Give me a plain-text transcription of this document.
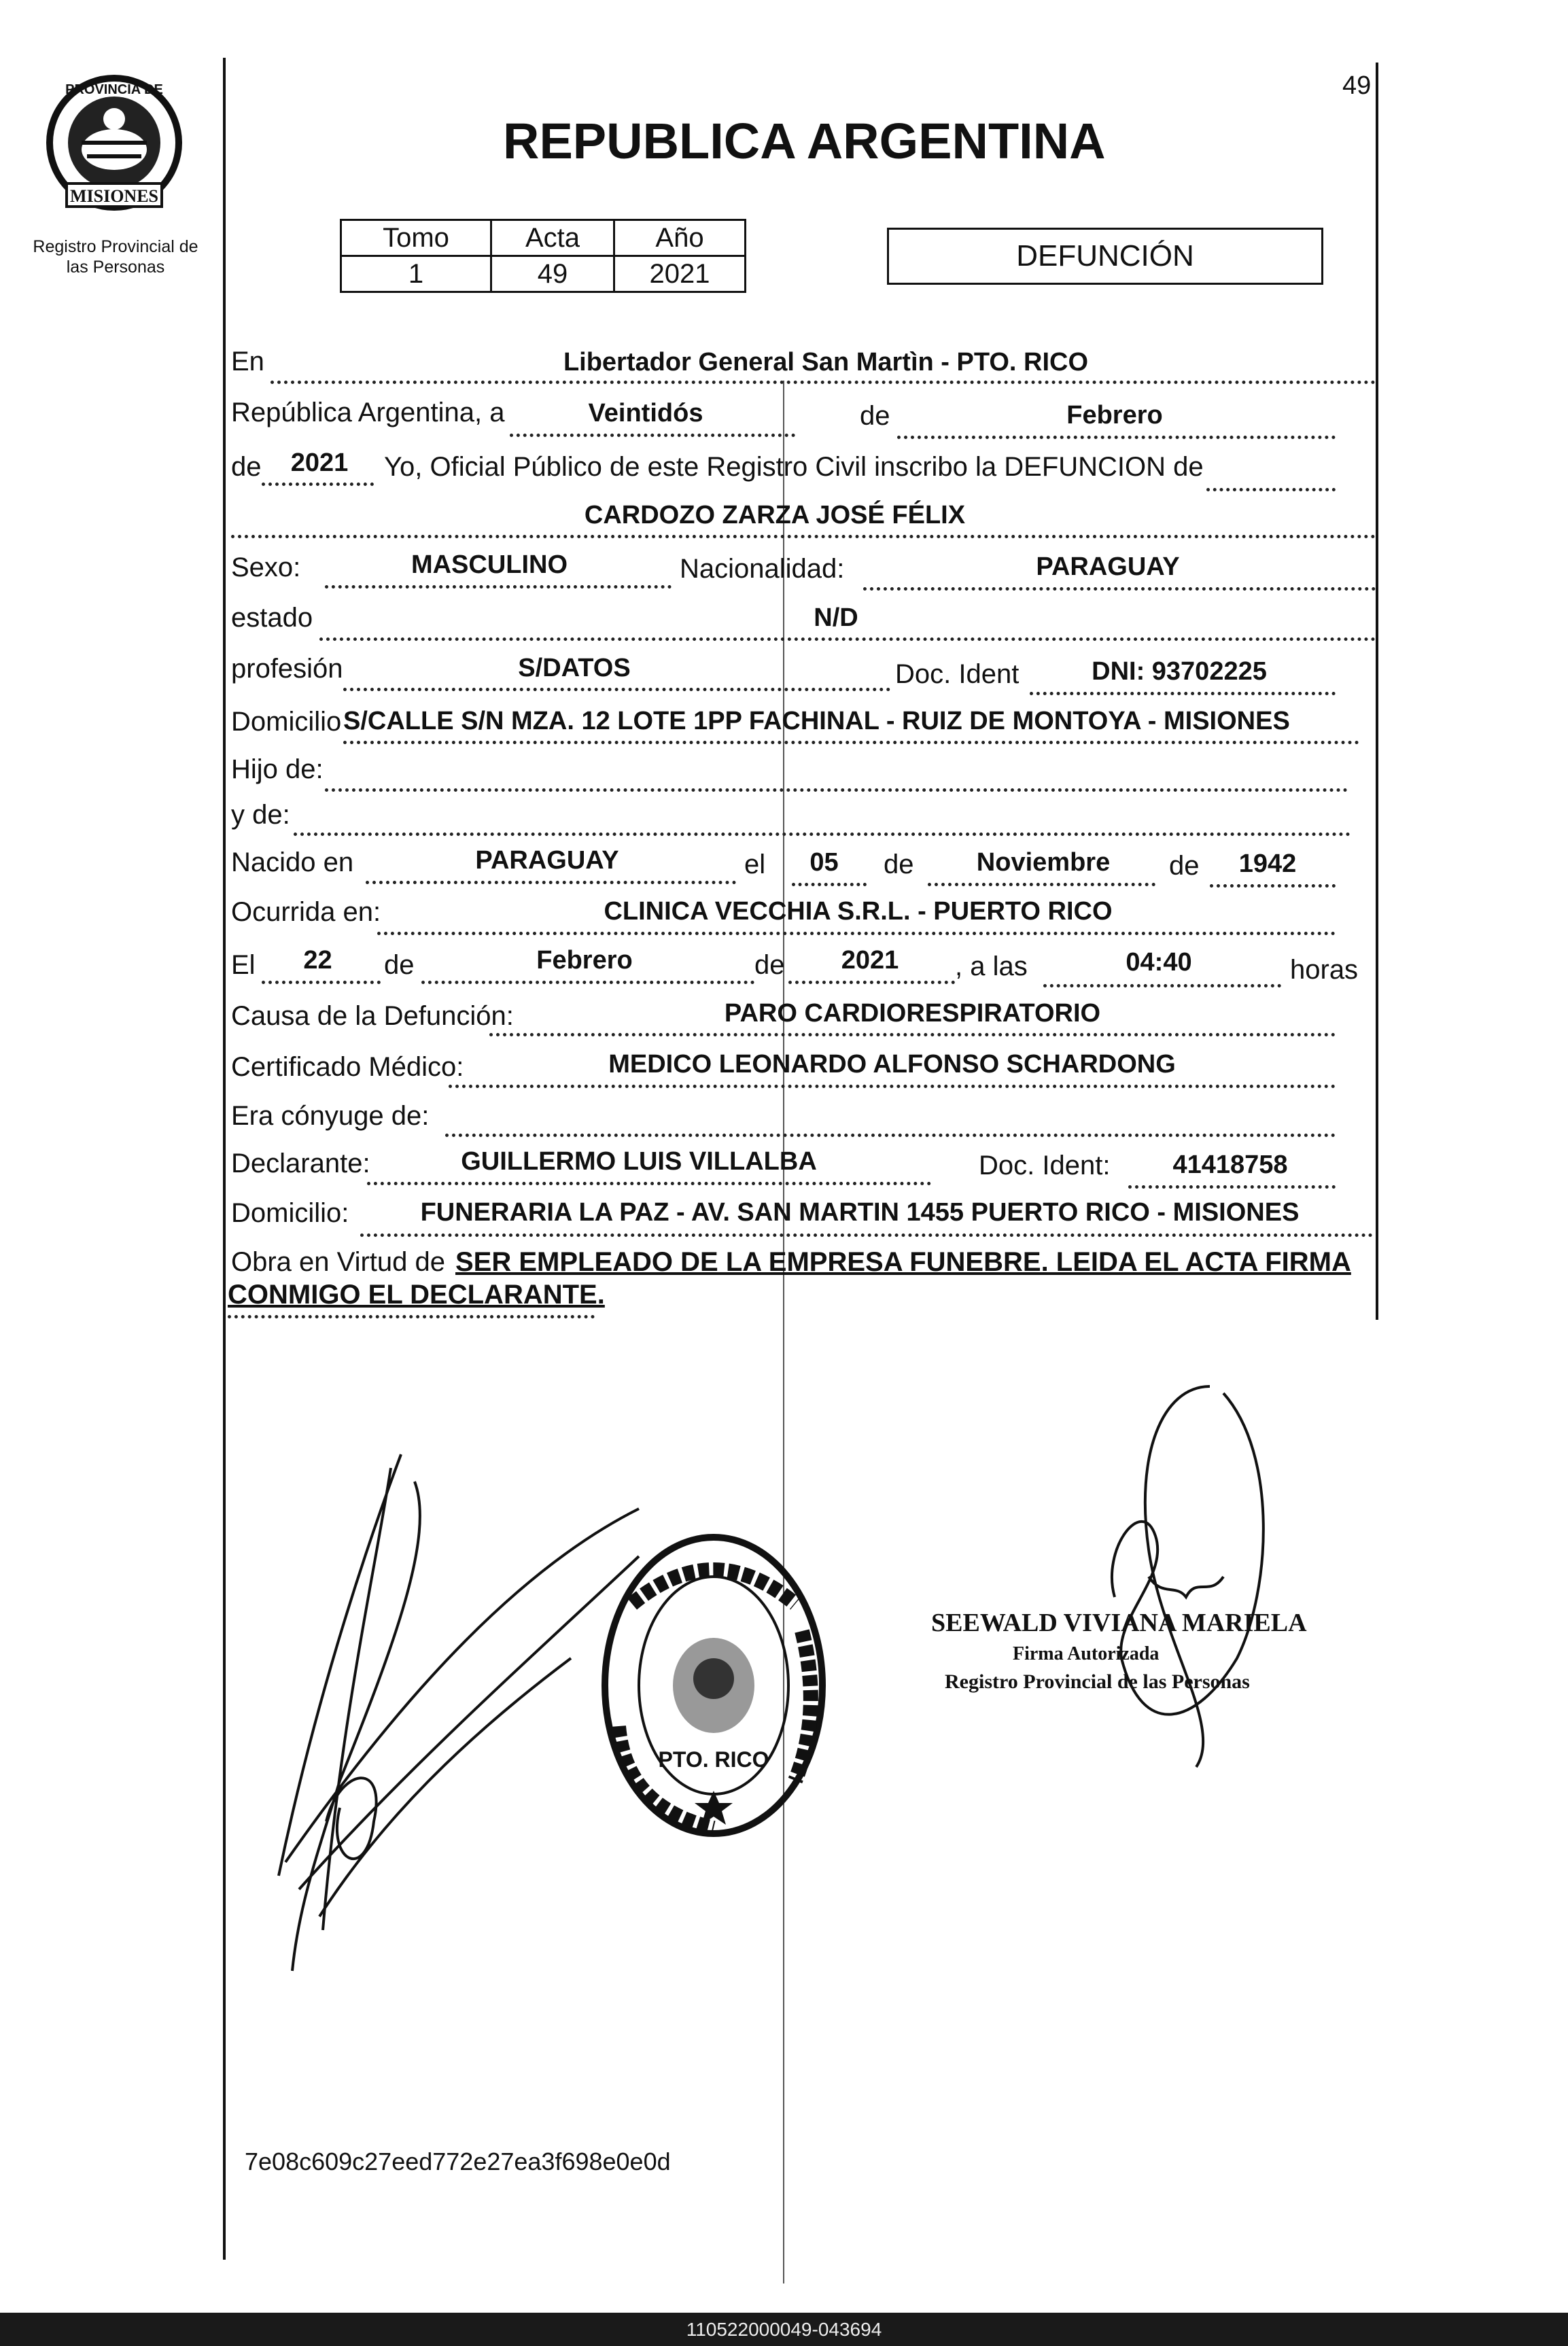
PROVINCIA DE
MISIONES
Registro Provincial de
las Personas
49
REPUBLICA ARGENTINA
Tomo	Acta	Año
1	49	2021
DEFUNCIÓN
En	Libertador General San Martìn - PTO. RICO
República Argentina, a	Veintidós	de	Febrero
de	2021	Yo, Oficial Público de este Registro Civil inscribo la DEFUNCION de
CARDOZO ZARZA JOSÉ FÉLIX
Sexo:	MASCULINO	Nacionalidad:	PARAGUAY
estado	N/D
profesión	S/DATOS	Doc. Ident	DNI: 93702225
Domicilio S/CALLE S/N MZA. 12 LOTE 1PP FACHINAL - RUIZ DE MONTOYA - MISIONES
Hijo de:
y de:
Nacido en	PARAGUAY	el	05	de	Noviembre	de	1942
Ocurrida en:	CLINICA VECCHIA S.R.L. - PUERTO RICO
El	22	de	Febrero	de	2021	, a las	04:40	horas
Causa de la Defunción:	PARO CARDIORESPIRATORIO
Certificado Médico:	MEDICO LEONARDO ALFONSO SCHARDONG
Era cónyuge de:
Declarante:	GUILLERMO LUIS VILLALBA	Doc. Ident:	41418758
Domicilio:	FUNERARIA LA PAZ - AV. SAN MARTIN 1455 PUERTO RICO - MISIONES
Obra en Virtud de SER EMPLEADO DE LA EMPRESA FUNEBRE. LEIDA EL ACTA FIRMA
CONMIGO EL DECLARANTE.
PTO. RICO
SEEWALD VIVIANA MARIELA
Firma Autorizada
Registro Provincial de las Personas
7e08c609c27eed772e27ea3f698e0e0d
110522000049-043694
